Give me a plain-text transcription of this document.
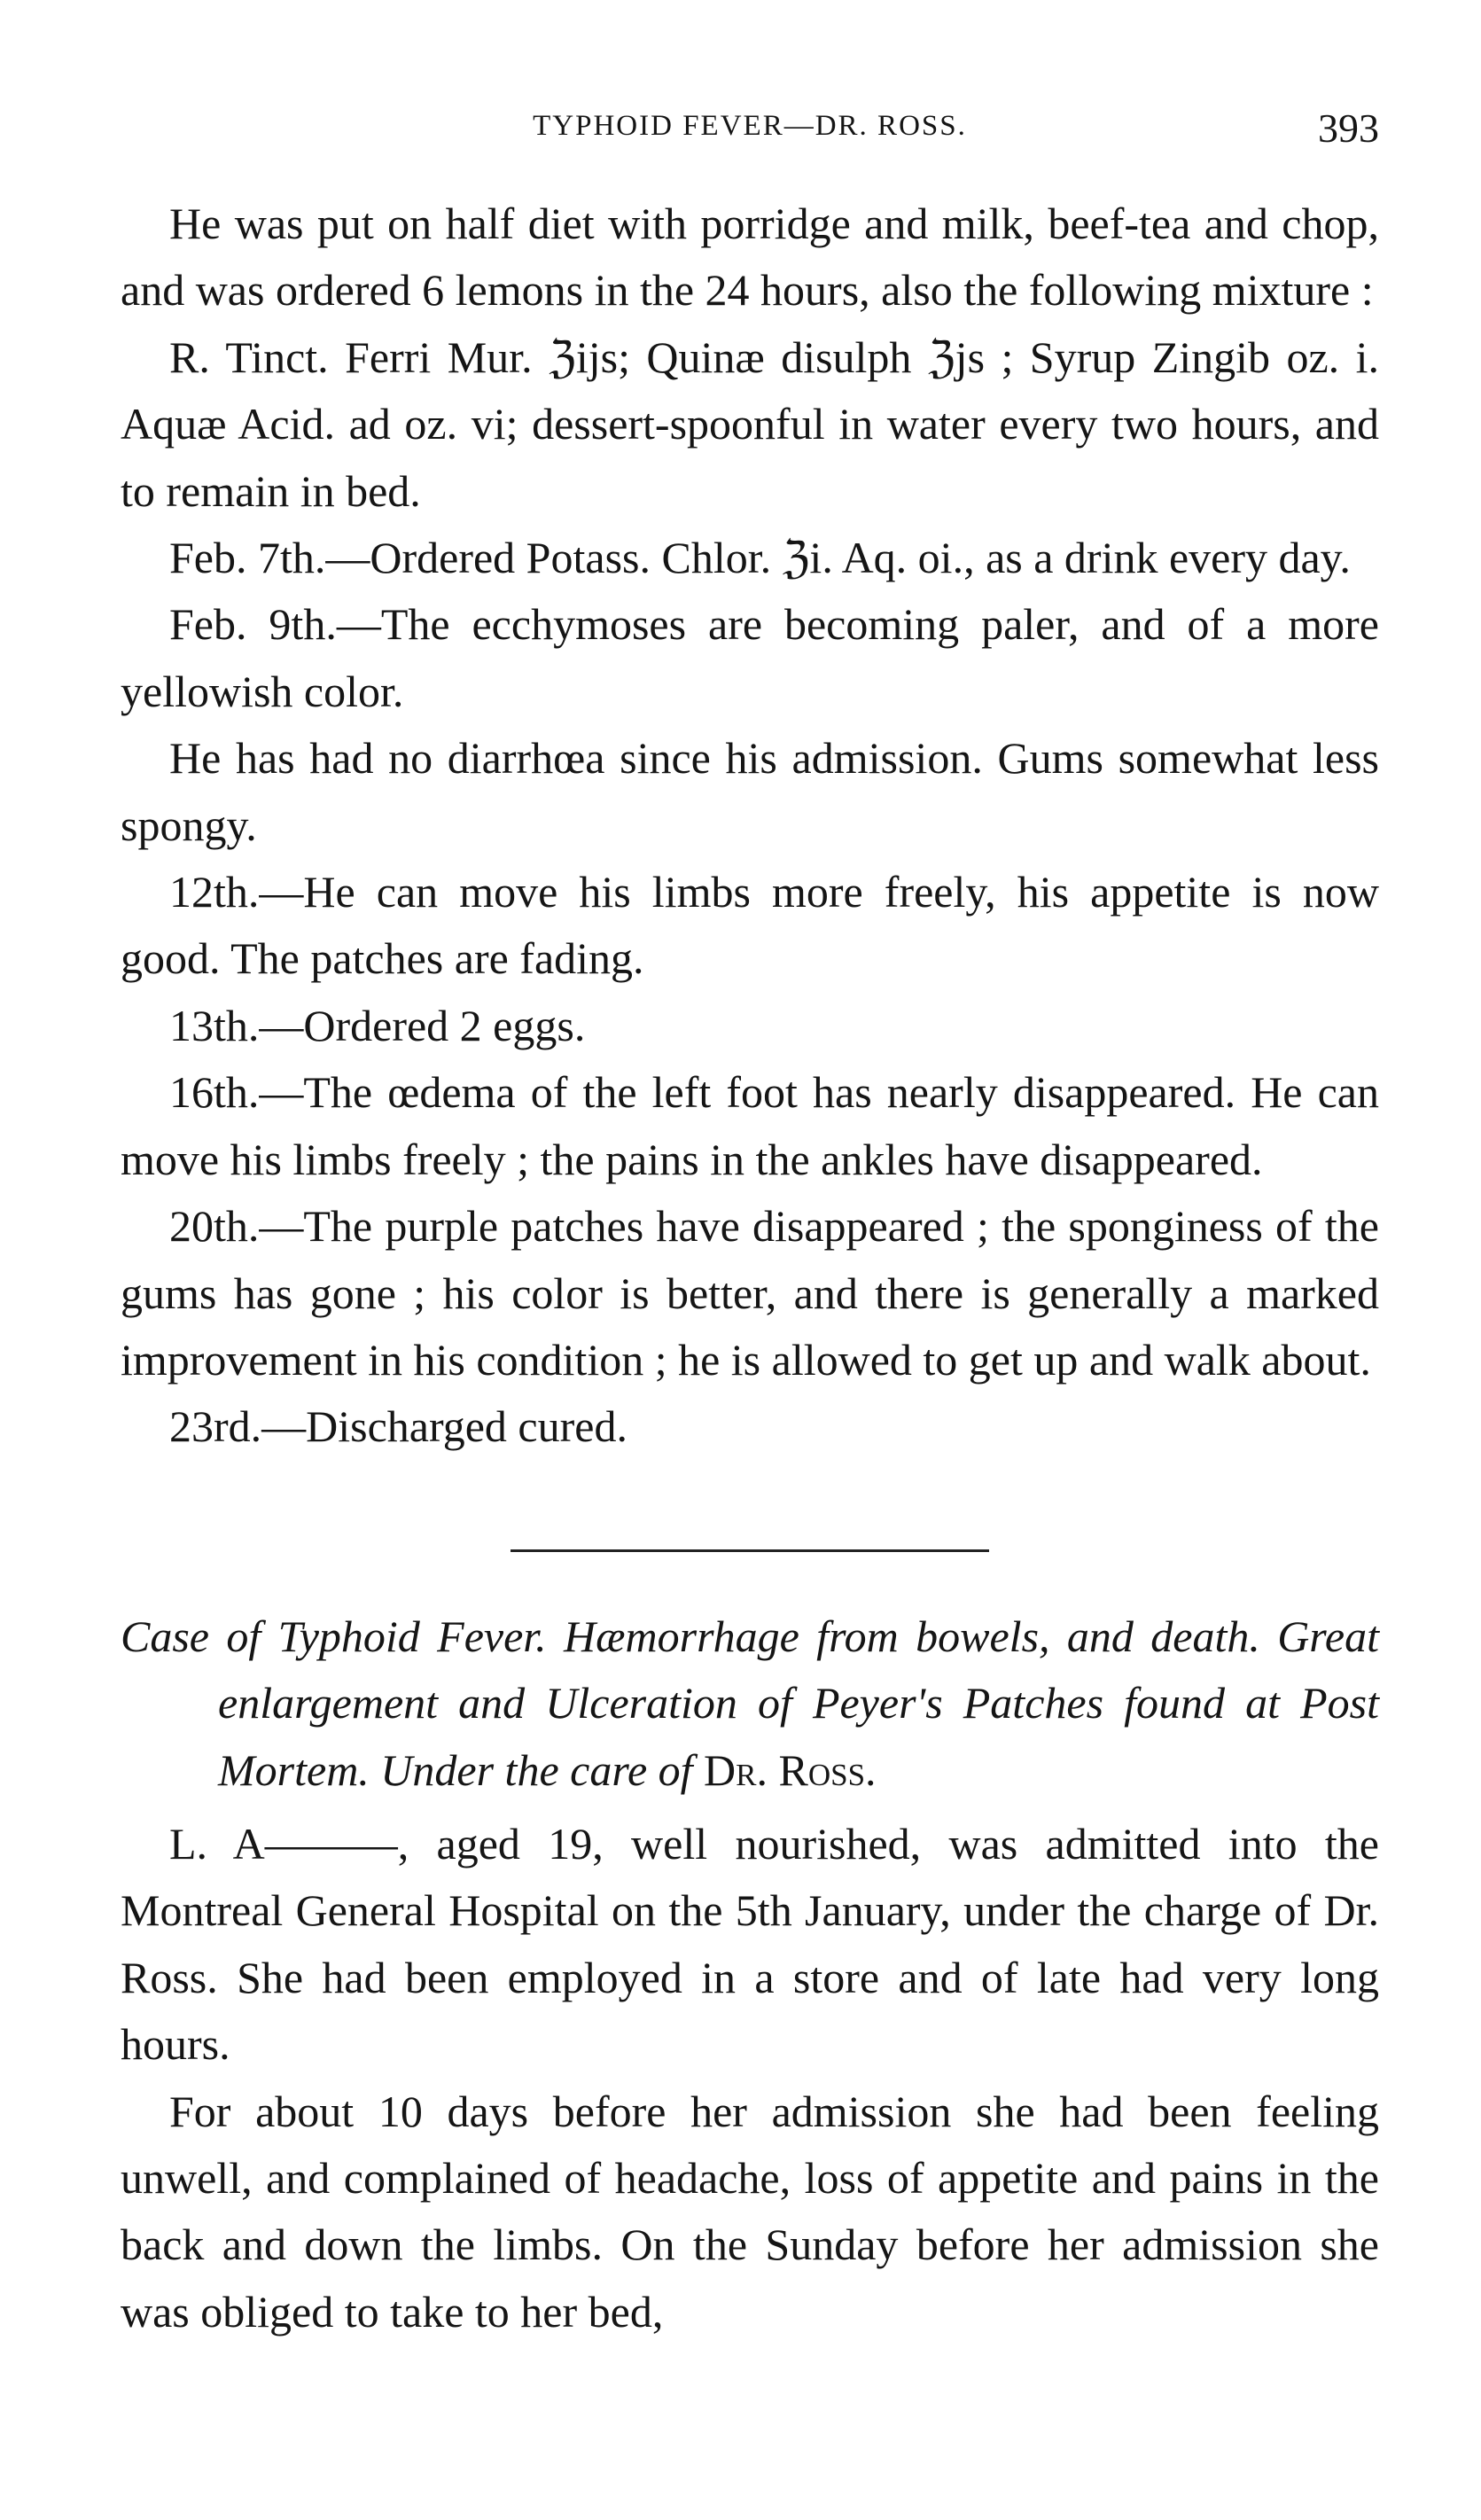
TYPHOID FEVER—DR. ROSS.	393

He was put on half diet with porridge and milk, beef-tea and chop, and was ordered 6 lemons in the 24 hours, also the following mixture :

R. Tinct. Ferri Mur. ℨijs; Quinæ disulph ℨjs ; Syrup Zingib oz. i. Aquæ Acid. ad oz. vi; dessert-spoonful in water every two hours, and to remain in bed.

Feb. 7th.—Ordered Potass. Chlor. ℨi. Aq. oi., as a drink every day.

Feb. 9th.—The ecchymoses are becoming paler, and of a more yellowish color.

He has had no diarrhœa since his admission. Gums somewhat less spongy.

12th.—He can move his limbs more freely, his appetite is now good. The patches are fading.

13th.—Ordered 2 eggs.

16th.—The œdema of the left foot has nearly disappeared. He can move his limbs freely ; the pains in the ankles have disappeared.

20th.—The purple patches have disappeared ; the sponginess of the gums has gone ; his color is better, and there is generally a marked improvement in his condition ; he is allowed to get up and walk about.

23rd.—Discharged cured.

Case of Typhoid Fever. Hæmorrhage from bowels, and death. Great enlargement and Ulceration of Peyer's Patches found at Post Mortem. Under the care of Dr. Ross.

L. A———, aged 19, well nourished, was admitted into the Montreal General Hospital on the 5th January, under the charge of Dr. Ross. She had been employed in a store and of late had very long hours.

For about 10 days before her admission she had been feeling unwell, and complained of headache, loss of appetite and pains in the back and down the limbs. On the Sunday before her admission she was obliged to take to her bed,
